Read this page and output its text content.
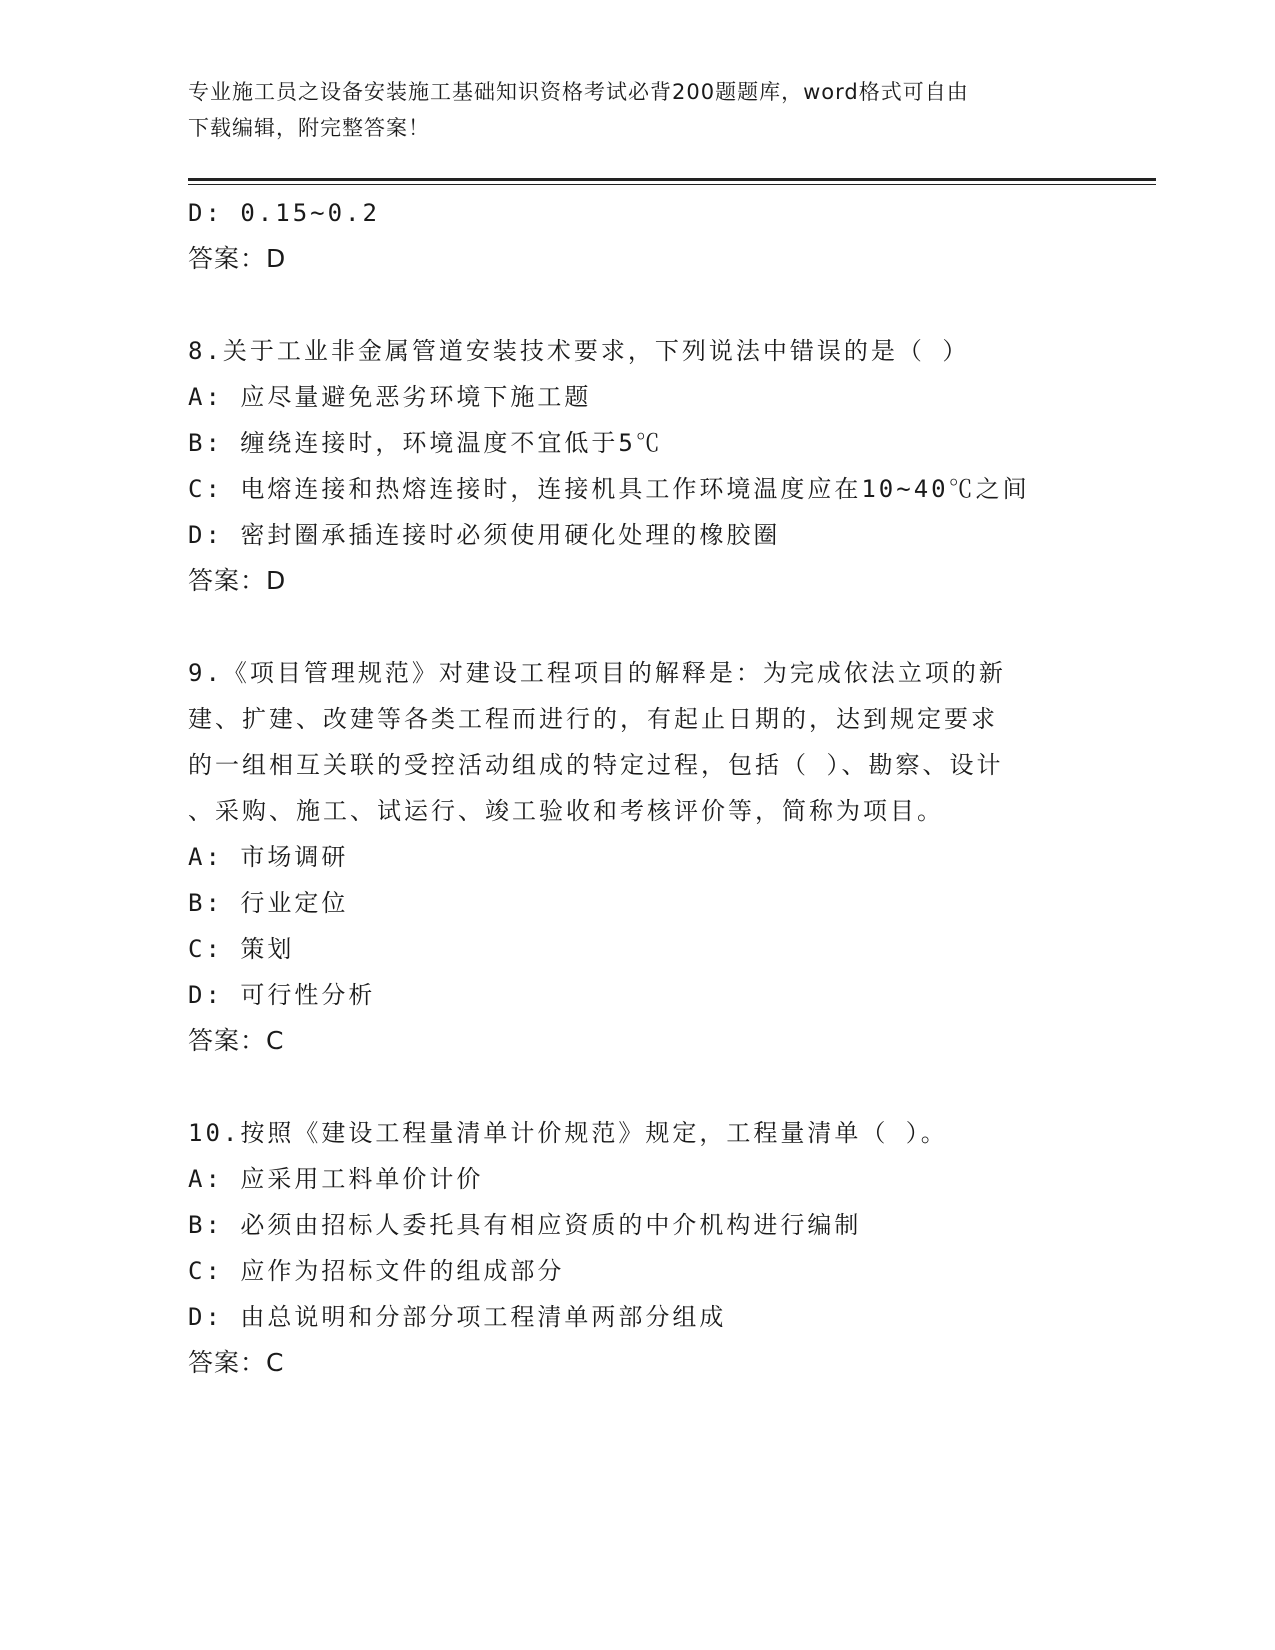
专业施工员之设备安装施工基础知识资格考试必背200题题库，word格式可自由
下载编辑，附完整答案！
D: 0.15~0.2
答案：D
8.关于工业非金属管道安装技术要求，下列说法中错误的是（ ）
A: 应尽量避免恶劣环境下施工题
B: 缠绕连接时，环境温度不宜低于5℃
C: 电熔连接和热熔连接时，连接机具工作环境温度应在10~40℃之间
D: 密封圈承插连接时必须使用硬化处理的橡胶圈
答案：D
9.《项目管理规范》对建设工程项目的解释是：为完成依法立项的新
建、扩建、改建等各类工程而进行的，有起止日期的，达到规定要求
的一组相互关联的受控活动组成的特定过程，包括（ ）、勘察、设计
、采购、施工、试运行、竣工验收和考核评价等，简称为项目。
A: 市场调研
B: 行业定位
C: 策划
D: 可行性分析
答案：C
10.按照《建设工程量清单计价规范》规定，工程量清单（ ）。
A: 应采用工料单价计价
B: 必须由招标人委托具有相应资质的中介机构进行编制
C: 应作为招标文件的组成部分
D: 由总说明和分部分项工程清单两部分组成
答案：C
